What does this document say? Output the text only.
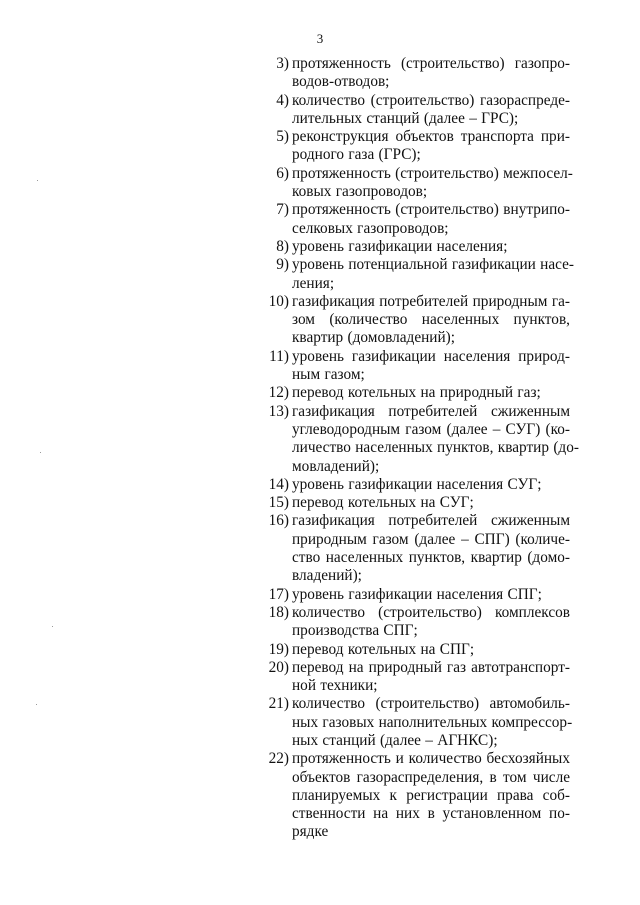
3
3) протяженность (строительство) газопро-
водов-отводов;
4) количество (строительство) газораспреде-
лительных станций (далее – ГРС);
5) реконструкция объектов транспорта при-
родного газа (ГРС);
6) протяженность (строительство) межпосел-
ковых газопроводов;
7) протяженность (строительство) внутрипо-
селковых газопроводов;
8) уровень газификации населения;
9) уровень потенциальной газификации насе-
ления;
10) газификация потребителей природным га-
зом (количество населенных пунктов,
квартир (домовладений);
11) уровень газификации населения природ-
ным газом;
12) перевод котельных на природный газ;
13) газификация потребителей сжиженным
углеводородным газом (далее – СУГ) (ко-
личество населенных пунктов, квартир (до-
мовладений);
14) уровень газификации населения СУГ;
15) перевод котельных на СУГ;
16) газификация потребителей сжиженным
природным газом (далее – СПГ) (количе-
ство населенных пунктов, квартир (домо-
владений);
17) уровень газификации населения СПГ;
18) количество (строительство) комплексов
производства СПГ;
19) перевод котельных на СПГ;
20) перевод на природный газ автотранспорт-
ной техники;
21) количество (строительство) автомобиль-
ных газовых наполнительных компрессор-
ных станций (далее – АГНКС);
22) протяженность и количество бесхозяйных
объектов газораспределения, в том числе
планируемых к регистрации права соб-
ственности на них в установленном по-
рядке
